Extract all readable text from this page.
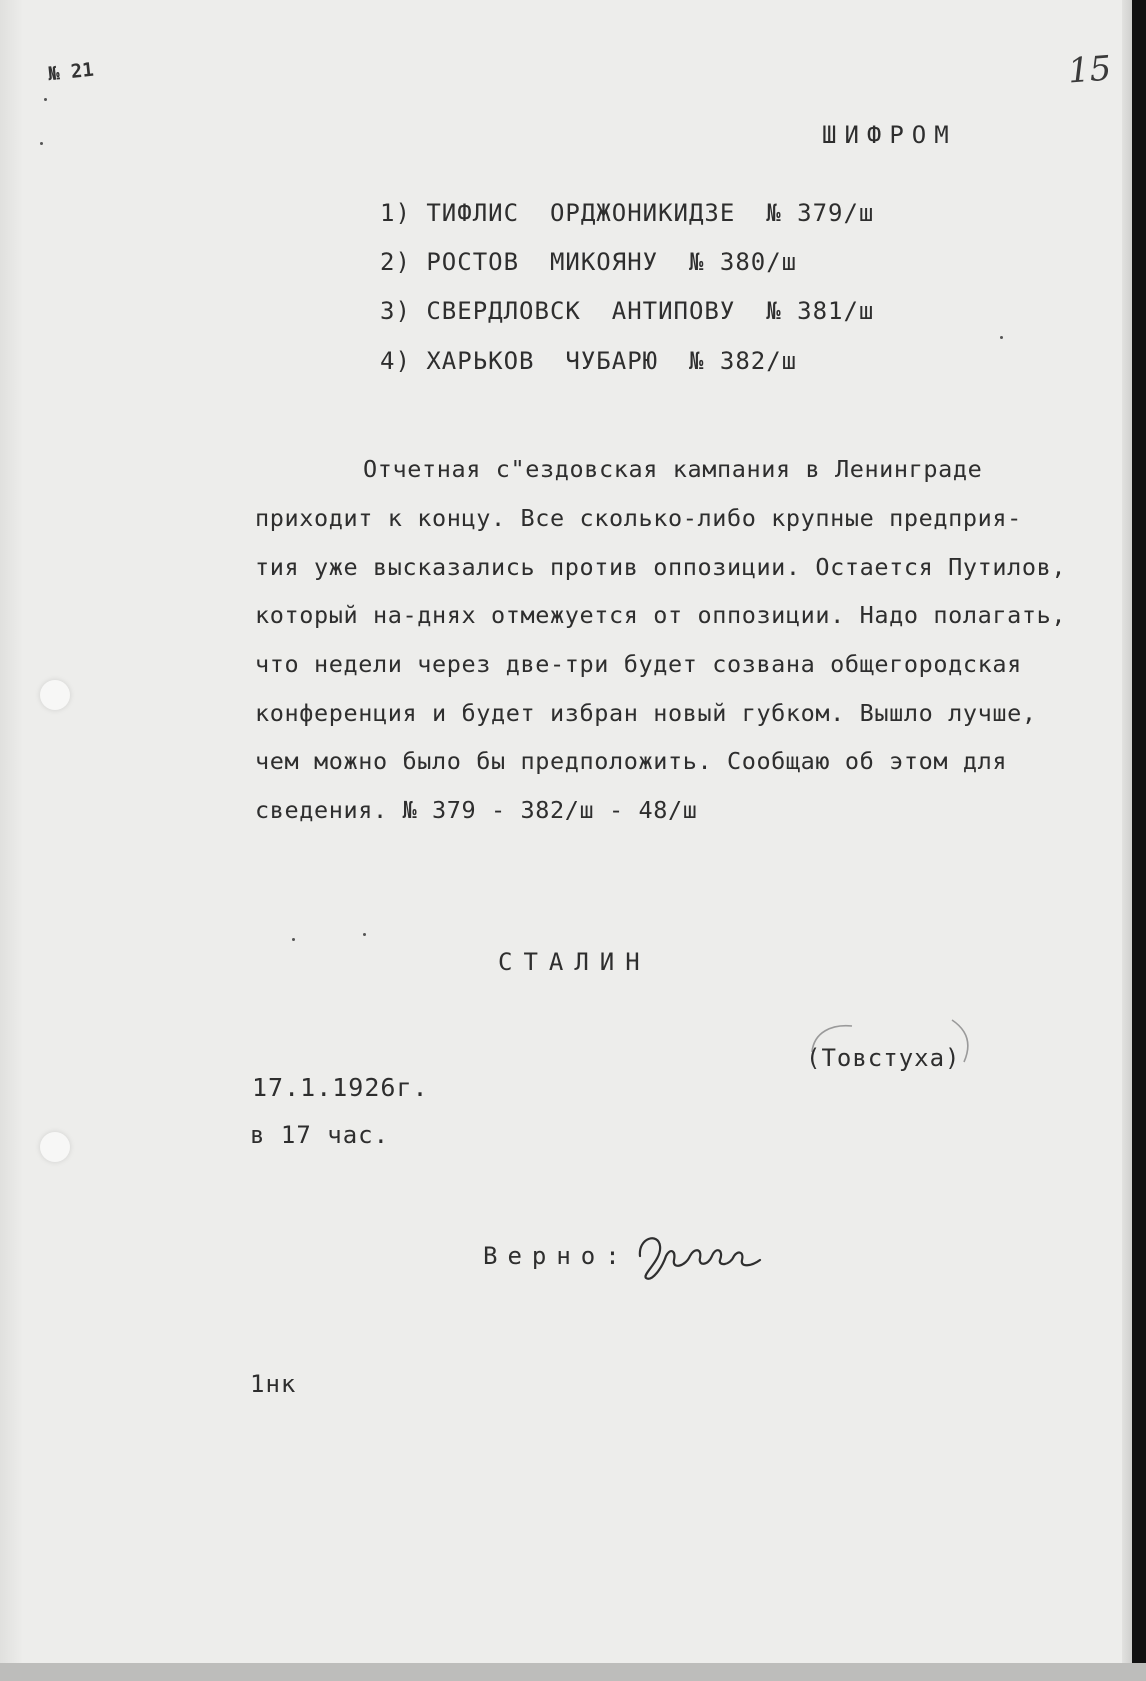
№ 21	15
ШИФРОМ
1) ТИФЛИС  ОРДЖОНИКИДЗЕ  № 379/ш
2) РОСТОВ  МИКОЯНУ  № 380/ш
3) СВЕРДЛОВСК  АНТИПОВУ  № 381/ш
4) ХАРЬКОВ  ЧУБАРЮ  № 382/ш
Отчетная с"ездовская кампания в Ленинграде
приходит к концу. Все сколько-либо крупные предприя-
тия уже высказались против оппозиции. Остается Путилов,
который на-днях отмежуется от оппозиции. Надо полагать,
что недели через две-три будет созвана общегородская
конференция и будет избран новый губком. Вышло лучше,
чем можно было бы предположить. Сообщаю об этом для
сведения. № 379 - 382/ш - 48/ш
СТАЛИН
(Товстуха)
17.1.1926г.
в 17 час.
Верно:
1нк
